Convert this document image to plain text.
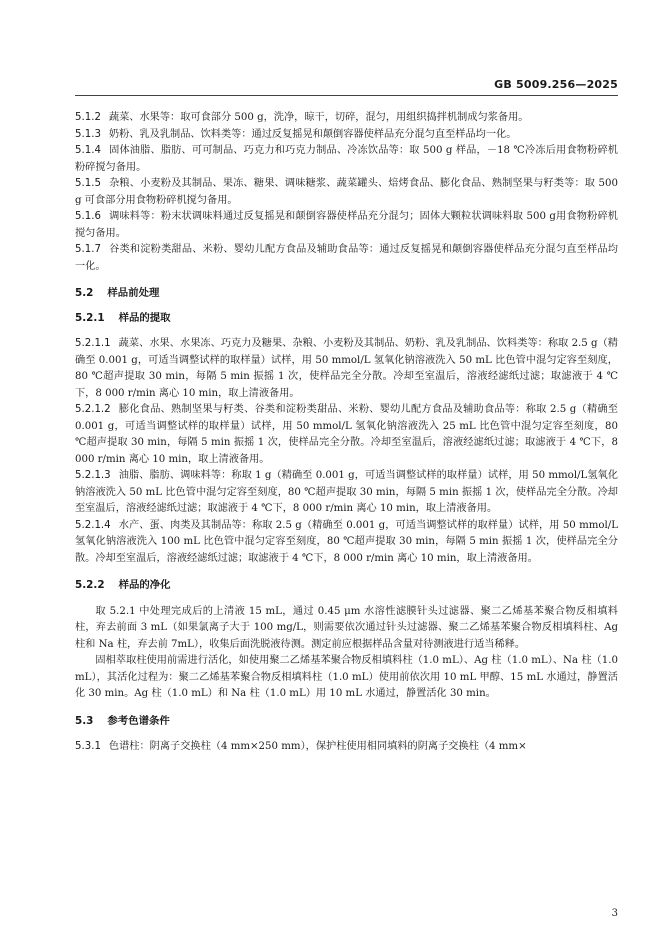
GB 5009.256—2025

5.1.2 蔬菜、水果等：取可食部分 500 g，洗净，晾干，切碎，混匀，用组织捣拌机制成匀浆备用。

5.1.3 奶粉、乳及乳制品、饮料类等：通过反复摇晃和颠倒容器使样品充分混匀直至样品均一化。

5.1.4 固体油脂、脂肪、可可制品、巧克力和巧克力制品、冷冻饮品等：取 500 g 样品，－18 ℃冷冻后用食物粉碎机粉碎搅匀备用。

5.1.5 杂粮、小麦粉及其制品、果冻、糖果、调味糖浆、蔬菜罐头、焙烤食品、膨化食品、熟制坚果与籽类等：取 500 g 可食部分用食物粉碎机搅匀备用。

5.1.6 调味料等：粉末状调味料通过反复摇晃和颠倒容器使样品充分混匀；固体大颗粒状调味料取 500 g用食物粉碎机搅匀备用。

5.1.7 谷类和淀粉类甜品、米粉、婴幼儿配方食品及辅助食品等：通过反复摇晃和颠倒容器使样品充分混匀直至样品均一化。

5.2 样品前处理

5.2.1 样品的提取

5.2.1.1 蔬菜、水果、水果冻、巧克力及糖果、杂粮、小麦粉及其制品、奶粉、乳及乳制品、饮料类等：称取 2.5 g（精确至 0.001 g，可适当调整试样的取样量）试样，用 50 mmol/L 氢氧化钠溶液洗入 50 mL 比色管中混匀定容至刻度，80 ℃超声提取 30 min，每隔 5 min 振摇 1 次，使样品完全分散。冷却至室温后，溶液经滤纸过滤；取滤液于 4 ℃下，8 000 r/min 离心 10 min，取上清液备用。

5.2.1.2 膨化食品、熟制坚果与籽类、谷类和淀粉类甜品、米粉、婴幼儿配方食品及辅助食品等：称取 2.5 g（精确至 0.001 g，可适当调整试样的取样量）试样，用 50 mmol/L 氢氧化钠溶液洗入 25 mL 比色管中混匀定容至刻度，80 ℃超声提取 30 min，每隔 5 min 振摇 1 次，使样品完全分散。冷却至室温后，溶液经滤纸过滤；取滤液于 4 ℃下，8 000 r/min 离心 10 min，取上清液备用。

5.2.1.3 油脂、脂肪、调味料等：称取 1 g（精确至 0.001 g，可适当调整试样的取样量）试样，用 50 mmol/L氢氧化钠溶液洗入 50 mL 比色管中混匀定容至刻度，80 ℃超声提取 30 min，每隔 5 min 振摇 1 次，使样品完全分散。冷却至室温后，溶液经滤纸过滤；取滤液于 4 ℃下，8 000 r/min 离心 10 min，取上清液备用。

5.2.1.4 水产、蛋、肉类及其制品等：称取 2.5 g（精确至 0.001 g，可适当调整试样的取样量）试样，用 50 mmol/L 氢氧化钠溶液洗入 100 mL 比色管中混匀定容至刻度，80 ℃超声提取 30 min，每隔 5 min 振摇 1 次，使样品完全分散。冷却至室温后，溶液经滤纸过滤；取滤液于 4 ℃下，8 000 r/min 离心 10 min，取上清液备用。

5.2.2 样品的净化

取 5.2.1 中处理完成后的上清液 15 mL，通过 0.45 μm 水溶性滤膜针头过滤器、聚二乙烯基苯聚合物反相填料柱，弃去前面 3 mL（如果氯离子大于 100 mg/L，则需要依次通过针头过滤器、聚二乙烯基苯聚合物反相填料柱、Ag 柱和 Na 柱，弃去前 7mL），收集后面洗脱液待测。测定前应根据样品含量对待测液进行适当稀释。

固相萃取柱使用前需进行活化，如使用聚二乙烯基苯聚合物反相填料柱（1.0 mL）、Ag 柱（1.0 mL）、Na 柱（1.0 mL），其活化过程为：聚二乙烯基苯聚合物反相填料柱（1.0 mL）使用前依次用 10 mL 甲醇、15 mL 水通过，静置活化 30 min。Ag 柱（1.0 mL）和 Na 柱（1.0 mL）用 10 mL 水通过，静置活化 30 min。

5.3 参考色谱条件

5.3.1 色谱柱：阴离子交换柱（4 mm×250 mm），保护柱使用相同填料的阴离子交换柱（4 mm×

3
